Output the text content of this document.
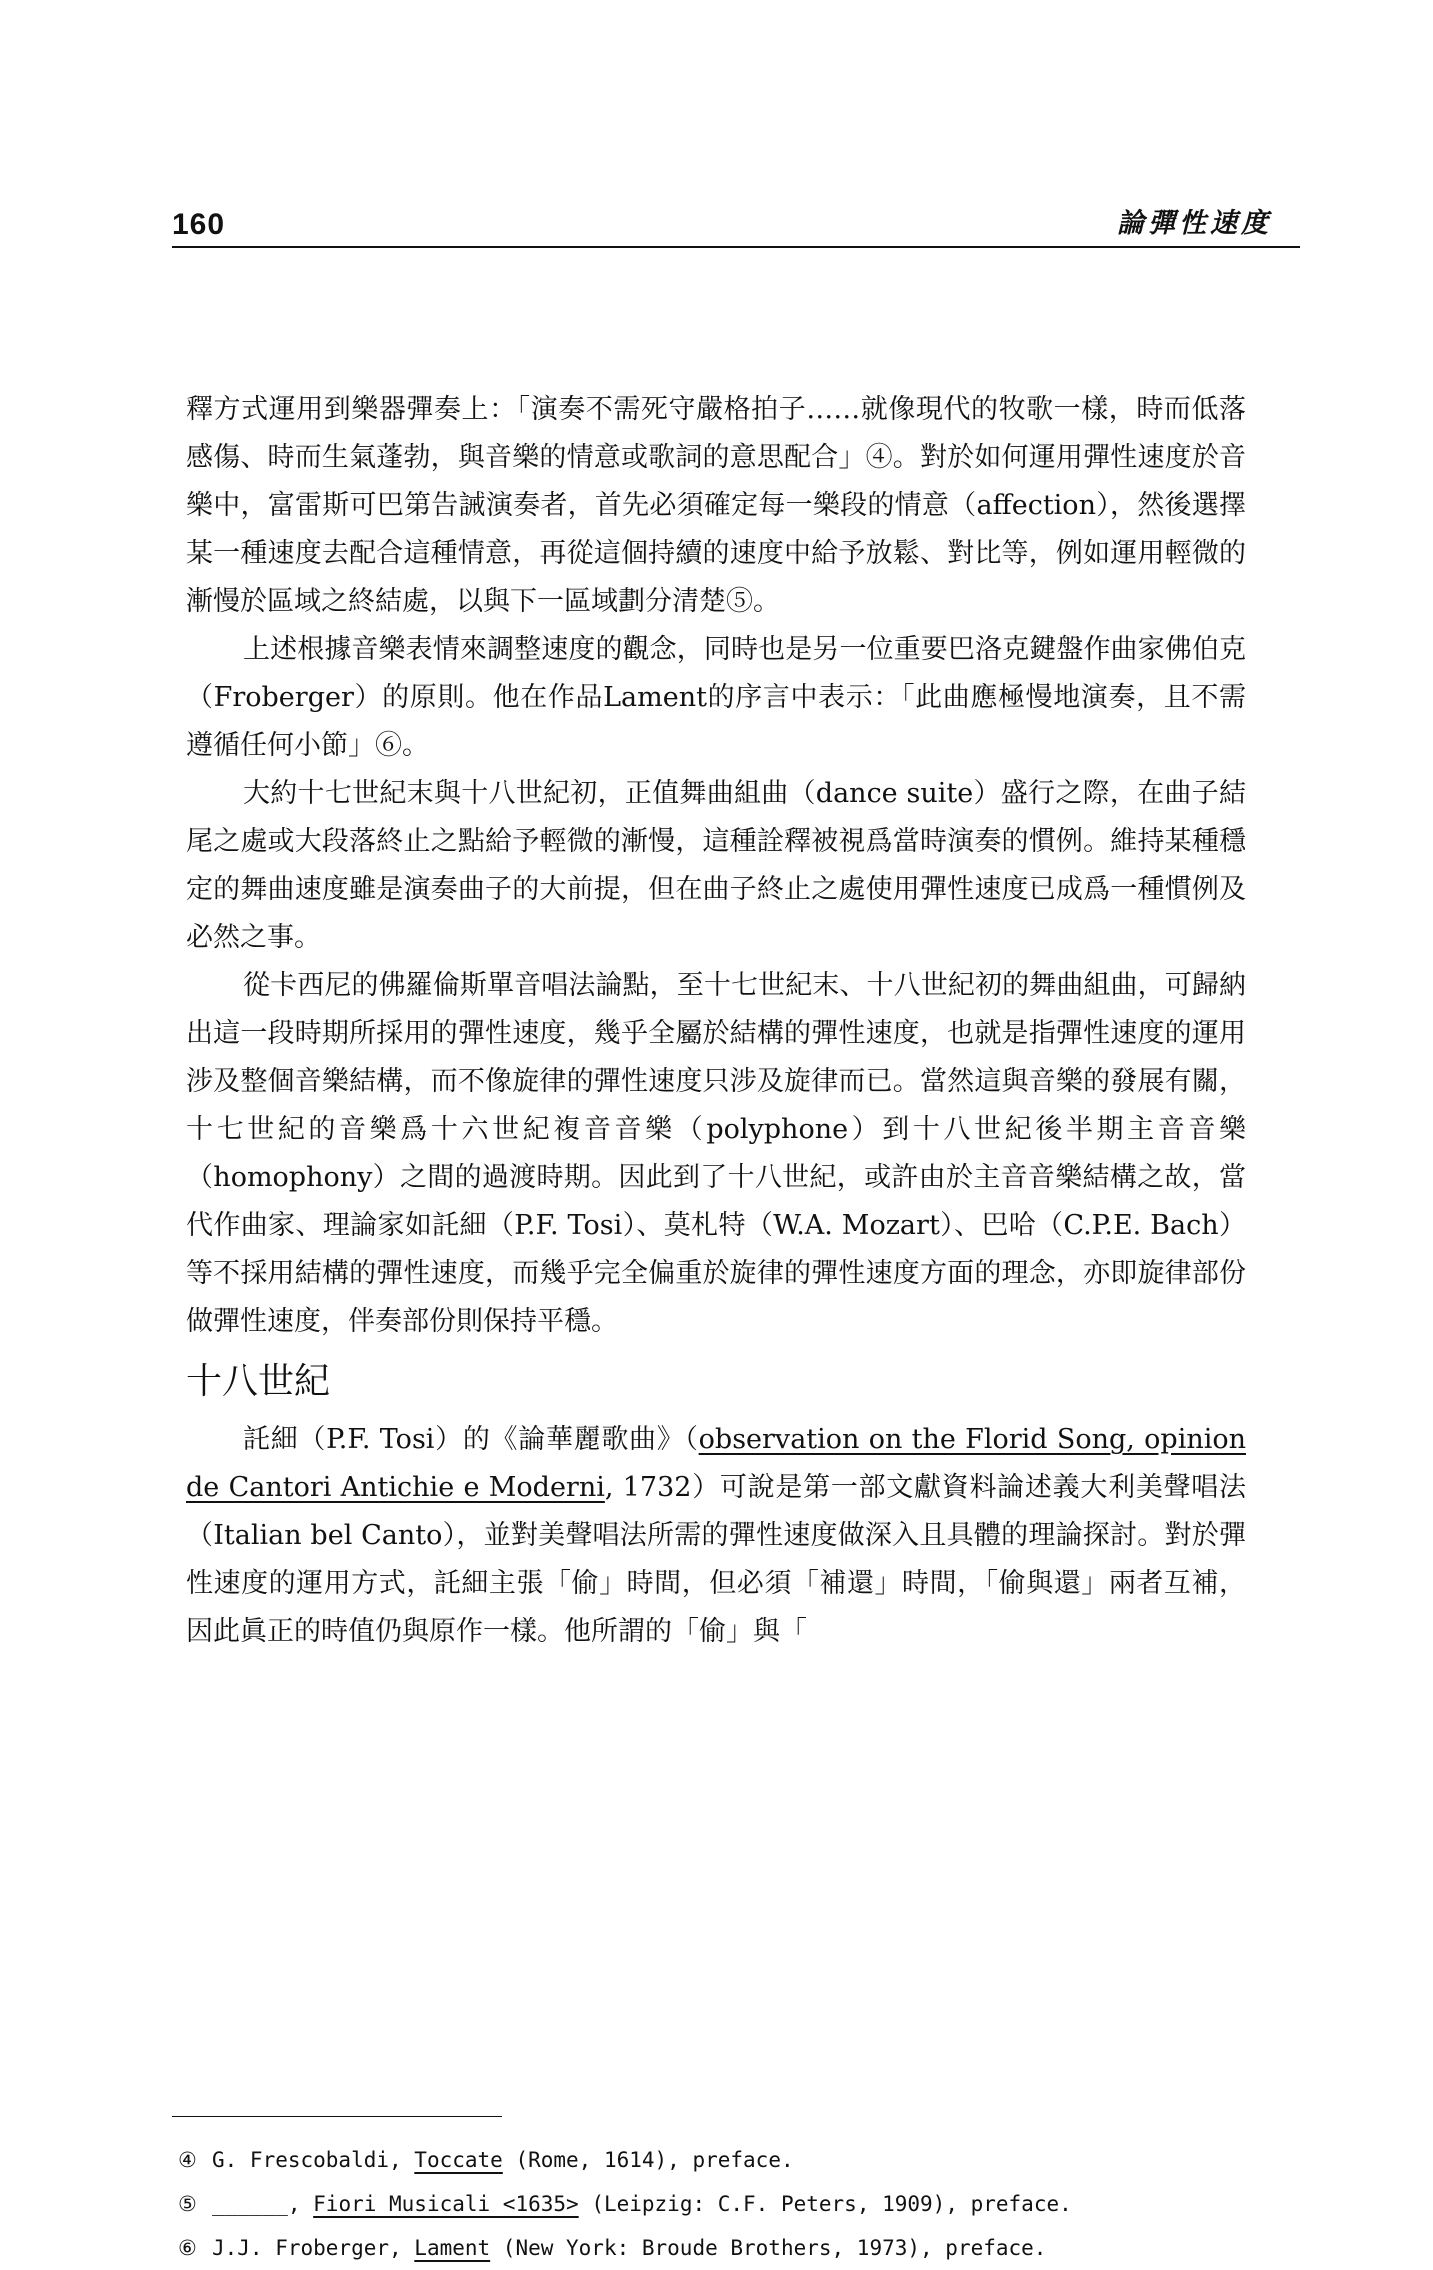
160	論彈性速度

釋方式運用到樂器彈奏上：「演奏不需死守嚴格拍子……就像現代的牧歌一樣，時而低落感傷、時而生氣蓬勃，與音樂的情意或歌詞的意思配合」④。對於如何運用彈性速度於音樂中，富雷斯可巴第告誡演奏者，首先必須確定每一樂段的情意（affection），然後選擇某一種速度去配合這種情意，再從這個持續的速度中給予放鬆、對比等，例如運用輕微的漸慢於區域之終結處，以與下一區域劃分清楚⑤。

上述根據音樂表情來調整速度的觀念，同時也是另一位重要巴洛克鍵盤作曲家佛伯克（Froberger）的原則。他在作品Lament的序言中表示：「此曲應極慢地演奏，且不需遵循任何小節」⑥。

大約十七世紀末與十八世紀初，正值舞曲組曲（dance suite）盛行之際，在曲子結尾之處或大段落終止之點給予輕微的漸慢，這種詮釋被視爲當時演奏的慣例。維持某種穩定的舞曲速度雖是演奏曲子的大前提，但在曲子終止之處使用彈性速度已成爲一種慣例及必然之事。

從卡西尼的佛羅倫斯單音唱法論點，至十七世紀末、十八世紀初的舞曲組曲，可歸納出這一段時期所採用的彈性速度，幾乎全屬於結構的彈性速度，也就是指彈性速度的運用涉及整個音樂結構，而不像旋律的彈性速度只涉及旋律而已。當然這與音樂的發展有關，十七世紀的音樂爲十六世紀複音音樂（polyphone）到十八世紀後半期主音音樂（homophony）之間的過渡時期。因此到了十八世紀，或許由於主音音樂結構之故，當代作曲家、理論家如託細（P.F. Tosi）、莫札特（W.A. Mozart）、巴哈（C.P.E. Bach）等不採用結構的彈性速度，而幾乎完全偏重於旋律的彈性速度方面的理念，亦即旋律部份做彈性速度，伴奏部份則保持平穩。

十八世紀

託細（P.F. Tosi）的《論華麗歌曲》（observation on the Florid Song, opinion de Cantori Antichie e Moderni, 1732）可說是第一部文獻資料論述義大利美聲唱法（Italian bel Canto），並對美聲唱法所需的彈性速度做深入且具體的理論探討。對於彈性速度的運用方式，託細主張「偷」時間，但必須「補還」時間，「偷與還」兩者互補，因此眞正的時值仍與原作一樣。他所謂的「偷」與「

④ G. Frescobaldi, Toccate (Rome, 1614), preface.
⑤ ______, Fiori Musicali <1635> (Leipzig: C.F. Peters, 1909), preface.
⑥ J.J. Froberger, Lament (New York: Broude Brothers, 1973), preface.
